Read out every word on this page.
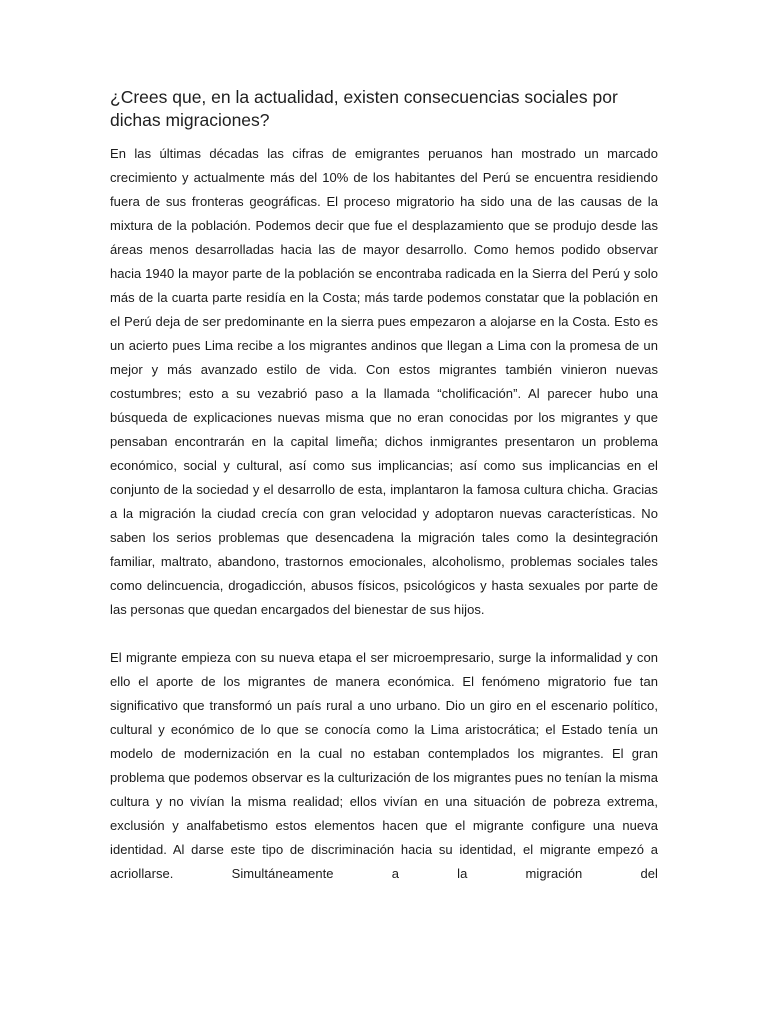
¿Crees que, en la actualidad, existen consecuencias sociales por dichas migraciones?

En las últimas décadas las cifras de emigrantes peruanos han mostrado un marcado crecimiento y actualmente más del 10% de los habitantes del Perú se encuentra residiendo fuera de sus fronteras geográficas. El proceso migratorio ha sido una de las causas de la mixtura de la población. Podemos decir que fue el desplazamiento que se produjo desde las áreas menos desarrolladas hacia las de mayor desarrollo. Como hemos podido observar hacia 1940 la mayor parte de la población se encontraba radicada en la Sierra del Perú y solo más de la cuarta parte residía en la Costa; más tarde podemos constatar que la población en el Perú deja de ser predominante en la sierra pues empezaron a alojarse en la Costa. Esto es un acierto pues Lima recibe a los migrantes andinos que llegan a Lima con la promesa de un mejor y más avanzado estilo de vida. Con estos migrantes también vinieron nuevas costumbres; esto a su vezabrió paso a la llamada “cholificación”. Al parecer hubo una búsqueda de explicaciones nuevas misma que no eran conocidas por los migrantes y que pensaban encontrarán en la capital limeña; dichos inmigrantes presentaron un problema económico, social y cultural, así como sus implicancias; así como sus implicancias en el conjunto de la sociedad y el desarrollo de esta, implantaron la famosa cultura chicha. Gracias a la migración la ciudad crecía con gran velocidad y adoptaron nuevas características. No saben los serios problemas que desencadena la migración tales como la desintegración familiar, maltrato, abandono, trastornos emocionales, alcoholismo, problemas sociales tales como delincuencia, drogadicción, abusos físicos, psicológicos y hasta sexuales por parte de las personas que quedan encargados del bienestar de sus hijos.

El migrante empieza con su nueva etapa el ser microempresario, surge la informalidad y con ello el aporte de los migrantes de manera económica. El fenómeno migratorio fue tan significativo que transformó un país rural a uno urbano. Dio un giro en el escenario político, cultural y económico de lo que se conocía como la Lima aristocrática; el Estado tenía un modelo de modernización en la cual no estaban contemplados los migrantes. El gran problema que podemos observar es la culturización de los migrantes pues no tenían la misma cultura y no vivían la misma realidad; ellos vivían en una situación de pobreza extrema, exclusión y analfabetismo estos elementos hacen que el migrante configure una nueva identidad. Al darse este tipo de discriminación hacia su identidad, el migrante empezó a acriollarse. Simultáneamente a la migración del
